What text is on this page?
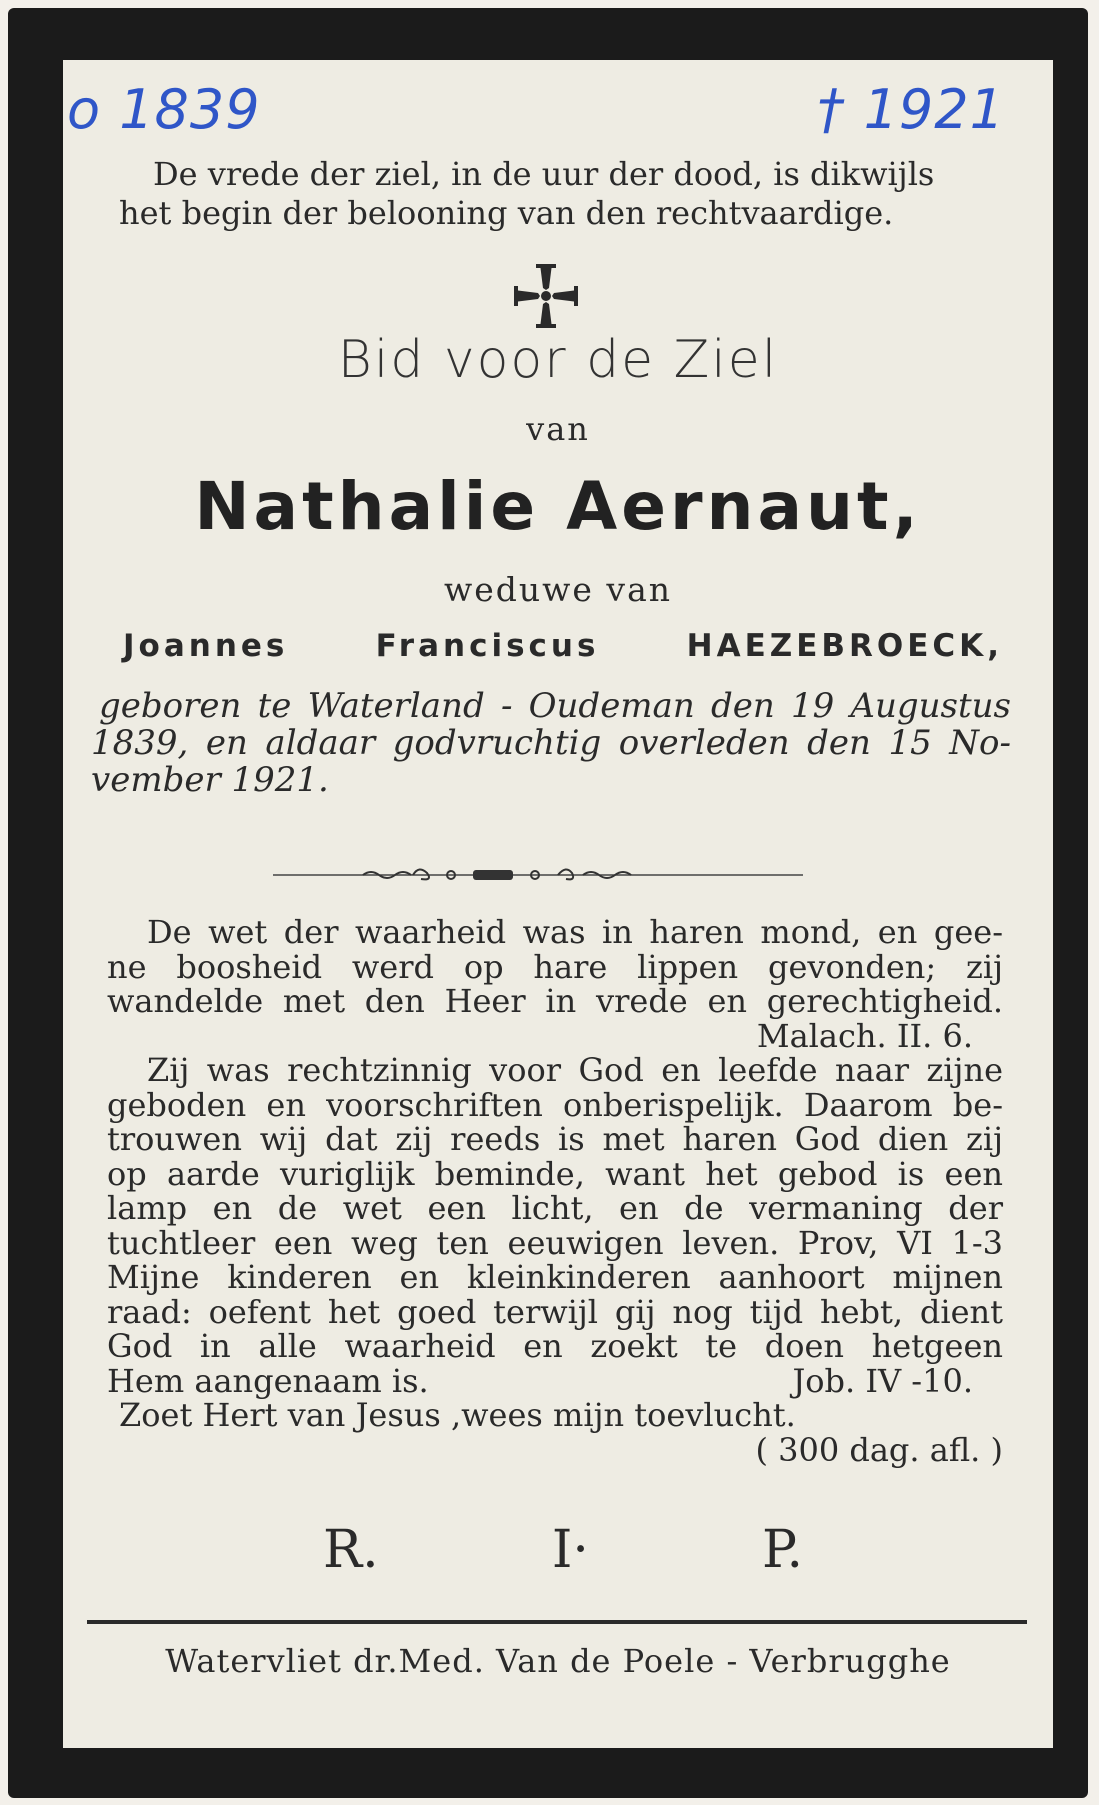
o 1839	† 1921
De vrede der ziel, in de uur der dood, is dikwijls
het begin der belooning van den rechtvaardige.
Bid voor de Ziel
van
Nathalie Aernaut,
weduwe van
Joannes	Franciscus	HAEZEBROECK,
geboren te Waterland - Oudeman den 19 Augustus
1839, en aldaar godvruchtig overleden den 15 No-
vember 1921.
De wet der waarheid was in haren mond, en gee-
ne boosheid werd op hare lippen gevonden; zij
wandelde met den Heer in vrede en gerechtigheid.
Malach. II. 6.
Zij was rechtzinnig voor God en leefde naar zijne
geboden en voorschriften onberispelijk. Daarom be-
trouwen wij dat zij reeds is met haren God dien zij
op aarde vuriglijk beminde, want het gebod is een
lamp en de wet een licht, en de vermaning der
tuchtleer een weg ten eeuwigen leven. Prov, VI 1-3
Mijne kinderen en kleinkinderen aanhoort mijnen
raad: oefent het goed terwijl gij nog tijd hebt, dient
God in alle waarheid en zoekt te doen hetgeen
Hem aangenaam is.	Job. IV -10.
Zoet Hert van Jesus ,wees mijn toevlucht.
( 300 dag. afl. )
R.	I·	P.
Watervliet dr.Med. Van de Poele - Verbrugghe
